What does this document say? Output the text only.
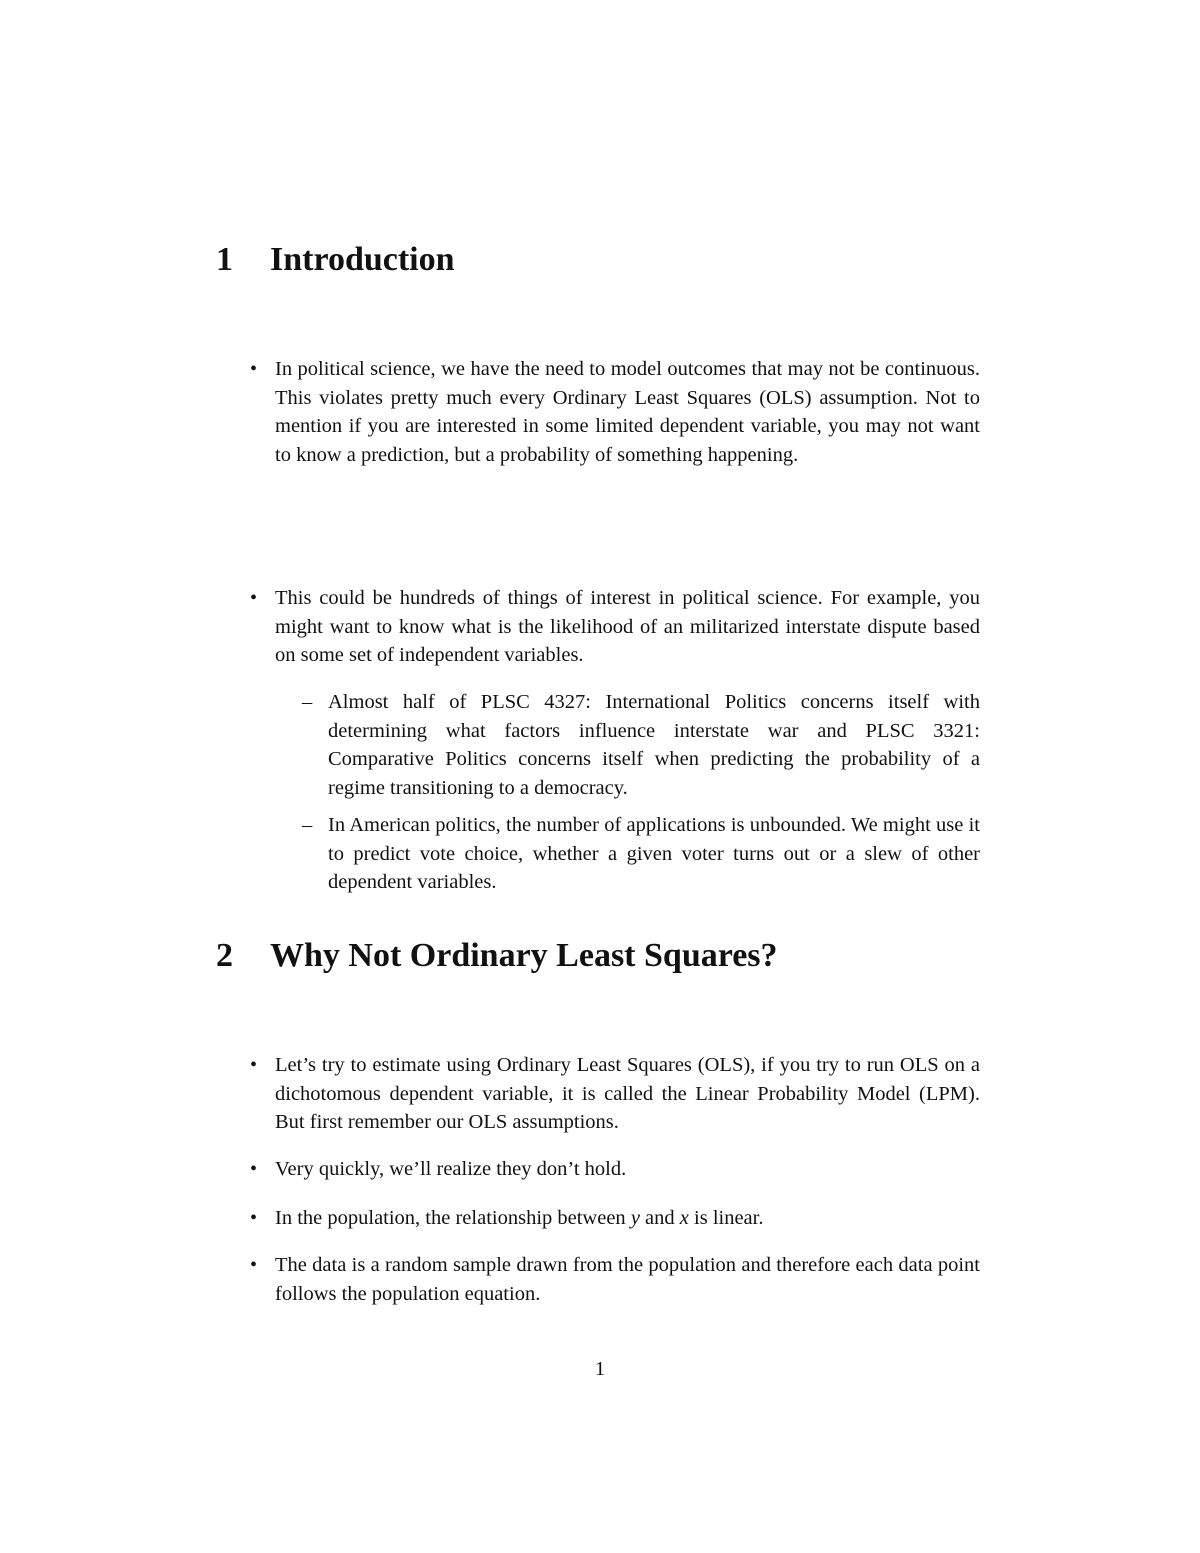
1 Introduction
• In political science, we have the need to model outcomes that may not be continuous. This violates pretty much every Ordinary Least Squares (OLS) assumption. Not to mention if you are interested in some limited dependent variable, you may not want to know a prediction, but a probability of something happening.
• This could be hundreds of things of interest in political science. For example, you might want to know what is the likelihood of an militarized interstate dispute based on some set of independent variables.
– Almost half of PLSC 4327: International Politics concerns itself with determining what factors influence interstate war and PLSC 3321: Comparative Politics concerns itself when predicting the probability of a regime transitioning to a democracy.
– In American politics, the number of applications is unbounded. We might use it to predict vote choice, whether a given voter turns out or a slew of other dependent variables.
2 Why Not Ordinary Least Squares?
• Let’s try to estimate using Ordinary Least Squares (OLS), if you try to run OLS on a dichotomous dependent variable, it is called the Linear Probability Model (LPM). But first remember our OLS assumptions.
• Very quickly, we’ll realize they don’t hold.
• In the population, the relationship between y and x is linear.
• The data is a random sample drawn from the population and therefore each data point follows the population equation.
1
